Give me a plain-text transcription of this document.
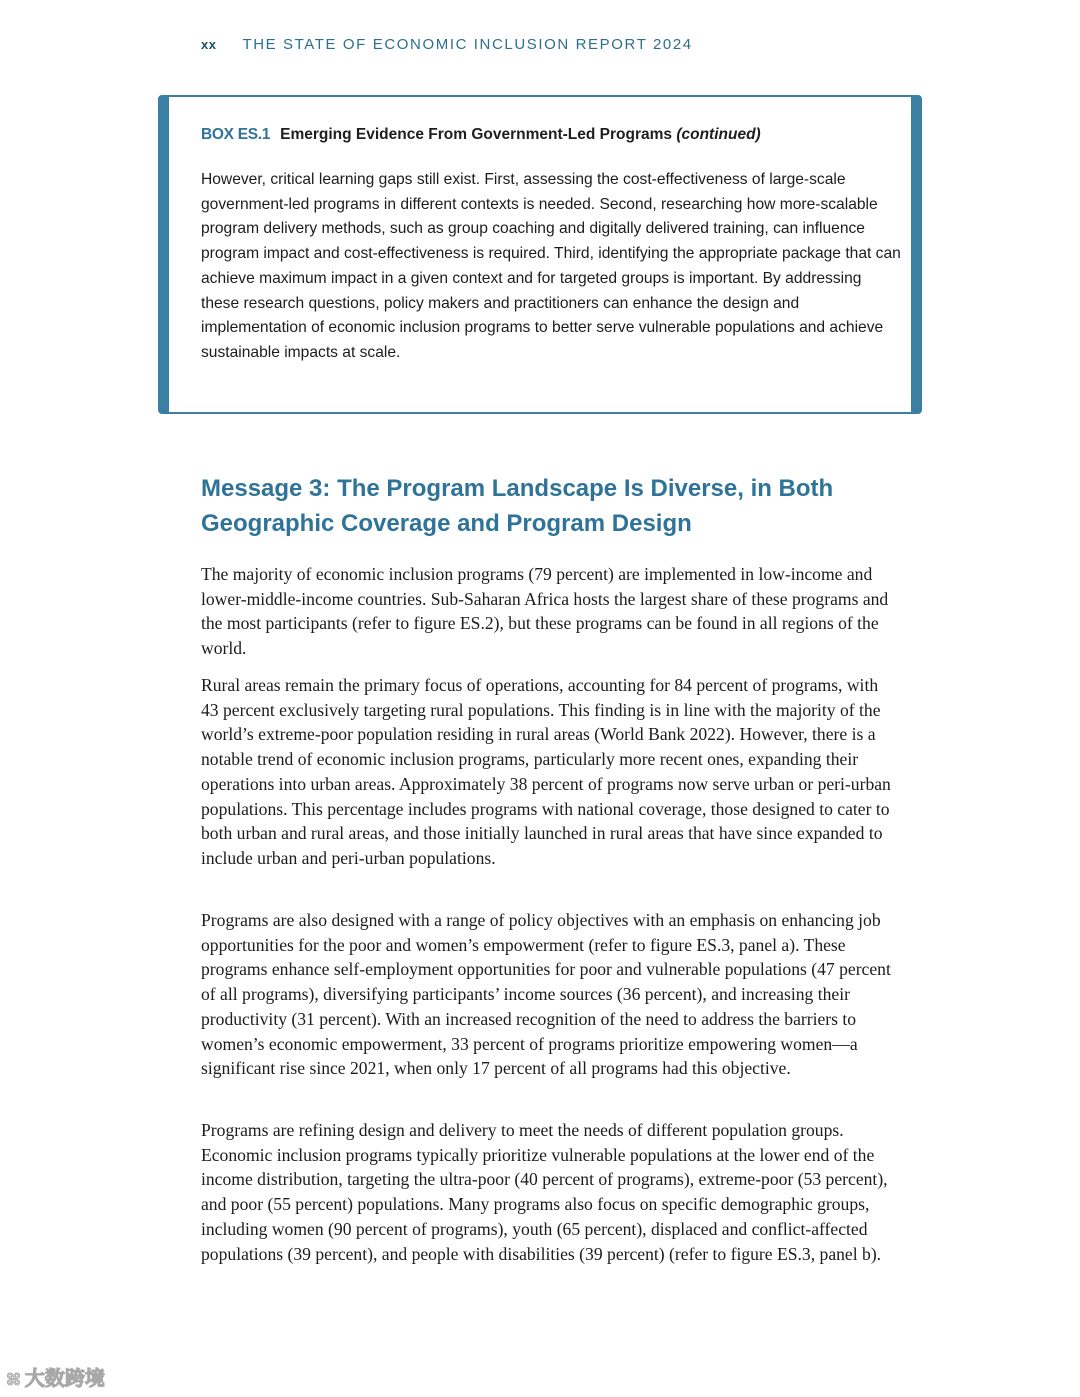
xx THE STATE OF ECONOMIC INCLUSION REPORT 2024
BOX ES.1 Emerging Evidence From Government-Led Programs (continued)

However, critical learning gaps still exist. First, assessing the cost-effectiveness of large-scale government-led programs in different contexts is needed. Second, researching how more-scalable program delivery methods, such as group coaching and digitally delivered training, can influence program impact and cost-effectiveness is required. Third, identifying the appropriate package that can achieve maximum impact in a given context and for targeted groups is important. By addressing these research questions, policy makers and practitioners can enhance the design and implementation of economic inclusion programs to better serve vulnerable populations and achieve sustainable impacts at scale.

Message 3: The Program Landscape Is Diverse, in Both Geographic Coverage and Program Design

The majority of economic inclusion programs (79 percent) are implemented in low-income and lower-middle-income countries. Sub-Saharan Africa hosts the largest share of these programs and the most participants (refer to figure ES.2), but these programs can be found in all regions of the world.

Rural areas remain the primary focus of operations, accounting for 84 percent of programs, with 43 percent exclusively targeting rural populations. This finding is in line with the majority of the world’s extreme-poor population residing in rural areas (World Bank 2022). However, there is a notable trend of economic inclusion programs, particularly more recent ones, expanding their operations into urban areas. Approximately 38 percent of programs now serve urban or peri-urban populations. This percentage includes programs with national coverage, those designed to cater to both urban and rural areas, and those initially launched in rural areas that have since expanded to include urban and peri-urban populations.

Programs are also designed with a range of policy objectives with an emphasis on enhancing job opportunities for the poor and women’s empowerment (refer to figure ES.3, panel a). These programs enhance self-employment opportunities for poor and vulnerable populations (47 percent of all programs), diversifying participants’ income sources (36 percent), and increasing their productivity (31 percent). With an increased recognition of the need to address the barriers to women’s economic empowerment, 33 percent of programs prioritize empowering women—a significant rise since 2021, when only 17 percent of all programs had this objective.

Programs are refining design and delivery to meet the needs of different population groups. Economic inclusion programs typically prioritize vulnerable populations at the lower end of the income distribution, targeting the ultra-poor (40 percent of programs), extreme-poor (53 percent), and poor (55 percent) populations. Many programs also focus on specific demographic groups, including women (90 percent of programs), youth (65 percent), displaced and conflict-affected populations (39 percent), and people with disabilities (39 percent) (refer to figure ES.3, panel b).

⌘ 大数跨境
